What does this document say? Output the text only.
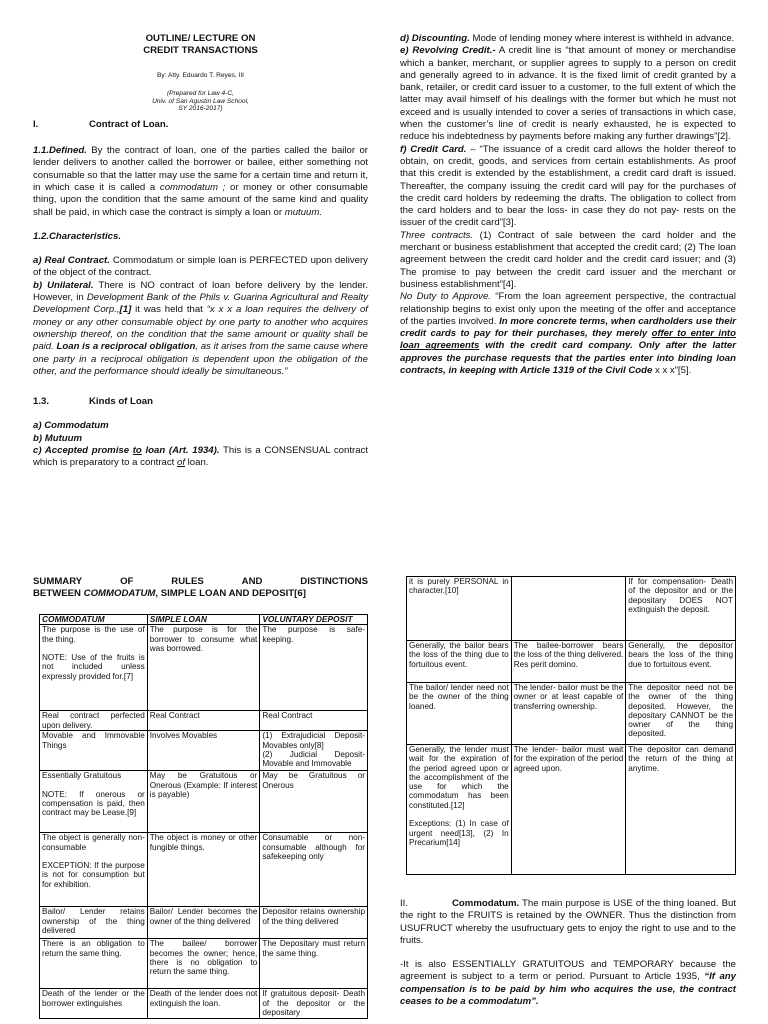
OUTLINE/ LECTURE ON
CREDIT TRANSACTIONS
By: Atty. Eduardo T. Reyes, III
(Prepared for Law 4-C,
Univ. of San Agustin Law School,
SY 2016-2017)
I.	Contract of Loan.

1.1.Defined. By the contract of loan, one of the parties called the bailor or lender delivers to another called the borrower or bailee, either something not consumable so that the latter may use the same for a certain time and return it, in which case it is called a commodatum ; or money or other consumable thing, upon the condition that the same amount of the same kind and quality shall be paid, in which case the contract is simply a loan or mutuum.

1.2.Characteristics.

a) Real Contract. Commodatum or simple loan is PERFECTED upon delivery of the object of the contract.

b) Unilateral. There is NO contract of loan before delivery by the lender. However, in Development Bank of the Phils v. Guarina Agricultural and Realty Development Corp.,[1] it was held that “x x x a loan requires the delivery of money or any other consumable object by one party to another who acquires ownership thereof, on the condition that the same amount or quality shall be paid. Loan is a reciprocal obligation, as it arises from the same cause where one party in a reciprocal obligation is dependent upon the obligation of the other, and the performance should ideally be simultaneous.”

1.3.	Kinds of Loan

a) Commodatum

b) Mutuum

c) Accepted promise to loan (Art. 1934). This is a CONSENSUAL contract which is preparatory to a contract of loan.

d) Discounting. Mode of lending money where interest is withheld in advance.

e) Revolving Credit.- A credit line is “that amount of money or merchandise which a banker, merchant, or supplier agrees to supply to a person on credit and generally agreed to in advance. It is the fixed limit of credit granted by a bank, retailer, or credit card issuer to a customer, to the full extent of which the latter may avail himself of his dealings with the former but which he must not exceed and is usually intended to cover a series of transactions in which case, when the customer’s line of credit is nearly exhausted, he is expected to reduce his indebtedness by payments before making any further drawings”[2].

f) Credit Card. – “The issuance of a credit card allows the holder thereof to obtain, on credit, goods, and services from certain establishments. As proof that this credit is extended by the establishment, a credit card draft is issued. Thereafter, the company issuing the credit card will pay for the purchases of the credit card holders by redeeming the drafts. The obligation to collect from the card holders and to bear the loss- in case they do not pay- rests on the issuer of the credit card”[3].

Three contracts. (1) Contract of sale between the card holder and the merchant or business establishment that accepted the credit card; (2) The loan agreement between the credit card holder and the credit card issuer; and (3) The promise to pay between the credit card issuer and the merchant or business establishment”[4].

No Duty to Approve. “From the loan agreement perspective, the contractual relationship begins to exist only upon the meeting of the offer and acceptance of the parties involved. In more concrete terms, when cardholders use their credit cards to pay for their purchases, they merely offer to enter into loan agreements with the credit card company. Only after the latter approves the purchase requests that the parties enter into binding loan contracts, in keeping with Article 1319 of the Civil Code x x x”[5].

SUMMARY	OF	RULES	AND	DISTINCTIONS
BETWEEN COMMODATUM, SIMPLE LOAN AND DEPOSIT[6]
COMMODATUM	SIMPLE LOAN	VOLUNTARY DEPOSIT
The purpose is the use of the thing.

NOTE: Use of the fruits is not included unless expressly provided for.[7]	The purpose is for the borrower to consume what was borrowed.	The purpose is safe-keeping.
Real contract perfected upon delivery.	Real Contract	Real Contract
Movable and Immovable Things	Involves Movables	(1) Extrajudicial Deposit- Movables only[8]
(2) Judicial Deposit- Movable and Immovable
Essentially Gratuitous

NOTE: If onerous or compensation is paid, then contract may be Lease.[9]	May be Gratuitous or Onerous (Example: If interest is payable)	May be Gratuitous or Onerous
The object is generally non-consumable

EXCEPTION: If the purpose is not for consumption but for exhibition.	The object is money or other fungible things.	Consumable or non-consumable although for safekeeping only
Bailor/ Lender retains ownership of the thing delivered	Bailor/ Lender becomes the owner of the thing delivered	Depositor retains ownership of the thing delivered
There is an obligation to return the same thing.	The bailee/ borrower becomes the owner; hence, there is no obligation to return the same thing.	The Depositary must return the same thing.
Death of the lender or the borrower extinguishes	Death of the lender does not extinguish the loan.	If gratuitous deposit- Death of the depositor or the depositary
it is purely PERSONAL in character.[10]		If for compensation- Death of the depositor and or the depositary DOES NOT extinguish the deposit.
Generally, the bailor bears the loss of the thing due to fortuitous event.	The bailee-borrower bears the loss of the thing delivered. Res perit domino.	Generally, the depositor bears the loss of the thing due to fortuitous event.
The bailor/ lender need not be the owner of the thing loaned.	The lender- bailor must be the owner or at least capable of transferring ownership.	The depositor need not be the owner of the thing deposited. However, the depositary CANNOT be the owner of the thing deposited.
Generally, the lender must wait for the expiration of the period agreed upon or the accomplishment of the use for which the commodatum has been constituted.[12]

Exceptions: (1) In case of urgent need[13], (2) In Precarium[14]	The lender- bailor must wait for the expiration of the period agreed upon.	The depositor can demand the return of the thing at anytime.

II.	Commodatum. The main purpose is USE of the thing loaned. But the right to the FRUITS is retained by the OWNER. Thus the distinction from USUFRUCT whereby the usufructuary gets to enjoy the right to use and to the fruits.

-It is also ESSENTIALLY GRATUITOUS and TEMPORARY because the agreement is subject to a term or period. Pursuant to Article 1935, “If any compensation is to be paid by him who acquires the use, the contract ceases to be a commodatum”.
